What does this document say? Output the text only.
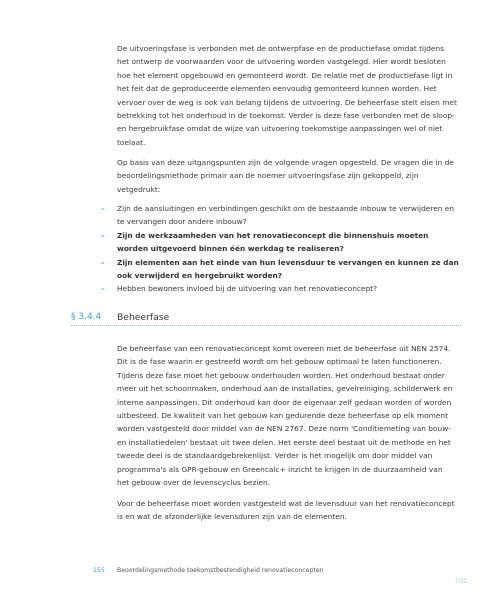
De uitvoeringsfase is verbonden met de ontwerpfase en de productiefase omdat tijdens het ontwerp de voorwaarden voor de uitvoering worden vastgelegd. Hier wordt besloten hoe het element opgebouwd en gemonteerd wordt. De relatie met de productiefase ligt in het feit dat de geproduceerde elementen eenvoudig gemonteerd kunnen worden. Het vervoer over de weg is ook van belang tijdens de uitvoering. De beheerfase stelt eisen met betrekking tot het onderhoud in de toekomst. Verder is deze fase verbonden met de sloop- en hergebruikfase omdat de wijze van uitvoering toekomstige aanpassingen wel of niet toelaat.

Op basis van deze uitgangspunten zijn de volgende vragen opgesteld. De vragen die in de beoordelingsmethode primair aan de noemer uitvoeringsfase zijn gekoppeld, zijn vetgedrukt:

– Zijn de aansluitingen en verbindingen geschikt om de bestaande inbouw te verwijderen en te vervangen door andere inbouw?
– Zijn de werkzaamheden van het renovatieconcept die binnenshuis moeten worden uitgevoerd binnen één werkdag te realiseren?
– Zijn elementen aan het einde van hun levensduur te vervangen en kunnen ze dan ook verwijderd en hergebruikt worden?
– Hebben bewoners invloed bij de uitvoering van het renovatieconcept?
§ 3.4.4 Beheerfase

De beheerfase van een renovatieconcept komt overeen met de beheerfase uit NEN 2574. Dit is de fase waarin er gestreefd wordt om het gebouw optimaal te laten functioneren. Tijdens deze fase moet het gebouw onderhouden worden. Het onderhoud bestaat onder meer uit het schoonmaken, onderhoud aan de installaties, gevelreiniging, schilderwerk en interne aanpassingen. Dit onderhoud kan door de eigenaar zelf gedaan worden of worden uitbesteed. De kwaliteit van het gebouw kan gedurende deze beheerfase op elk moment worden vastgesteld door middel van de NEN 2767. Deze norm 'Conditiemeting van bouw- en installatiedelen' bestaat uit twee delen. Het eerste deel bestaat uit de methode en het tweede deel is de standaardgebrekenlijst. Verder is het mogelijk om door middel van programma's als GPR-gebouw en Greencalc+ inzicht te krijgen in de duurzaamheid van het gebouw over de levenscyclus bezien.

Voor de beheerfase moet worden vastgesteld wat de levensduur van het renovatieconcept is en wat de afzonderlijke levensduren zijn van de elementen.

155 Beoordelingsmethode toekomstbestendigheid renovatieconcepten
TOC
